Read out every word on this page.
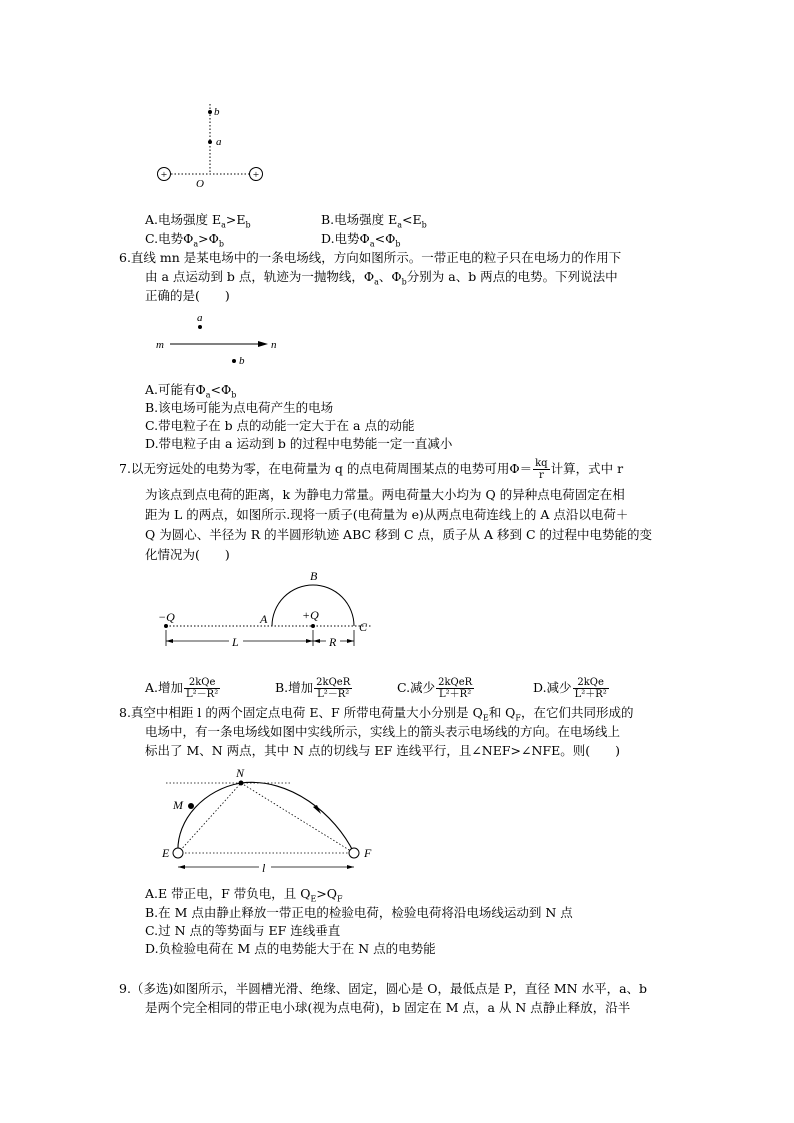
+	+
b
a
O
A.电场强度 $E_a>E_b$	B.电场强度 $E_a<E_b$
C.电势$\Phi_a>\Phi_b$	D.电势$\Phi_a<\Phi_b$
6.直线 mn 是某电场中的一条电场线，方向如图所示。一带正电的粒子只在电场力的作用下
由 a 点运动到 b 点，轨迹为一抛物线，$\Phi_a$、$\Phi_b$分别为 a、b 两点的电势。下列说法中
正确的是(　　)
a
b
m	n
A.可能有$\Phi_a<\Phi_b$
B.该电场可能为点电荷产生的电场
C.带电粒子在 b 点的动能一定大于在 a 点的动能
D.带电粒子由 a 运动到 b 的过程中电势能一定一直减小
7.以无穷远处的电势为零，在电荷量为 q 的点电荷周围某点的电势可用$\Phi= \frac{kq}{r}$ 计算，式中 r
为该点到点电荷的距离，k 为静电力常量。两电荷量大小均为 Q 的异种点电荷固定在相
距为 L 的两点，如图所示.现将一质子(电荷量为 e)从两点电荷连线上的 A 点沿以电荷＋
Q 为圆心、半径为 R 的半圆形轨迹 ABC 移到 C 点，质子从 A 移到 C 的过程中电势能的变
化情况为(　　)
−Q	+Q
A
B
C
L	R
A.增加 $\frac{\text{2kQe}}{\text{L²－R²}}$	B.增加 $\frac{\text{2kQeR}}{\text{L²－R²}}$	C.减少 $\frac{\text{2kQeR}}{\text{L²＋R²}}$	D.减少 $\frac{\text{2kQe}}{\text{L²＋R²}}$
8.真空中相距 l 的两个固定点电荷 E、F 所带电荷量大小分别是 $Q_E$和 $Q_F$，在它们共同形成的
电场中，有一条电场线如图中实线所示，实线上的箭头表示电场线的方向。在电场线上
标出了 M、N 两点，其中 N 点的切线与 EF 连线平行，且∠NEF>∠NFE。则(　　)
l
N
M
E	F
A.E 带正电，F 带负电，且 $Q_E>Q_F$
B.在 M 点由静止释放一带正电的检验电荷，检验电荷将沿电场线运动到 N 点
C.过 N 点的等势面与 EF 连线垂直
D.负检验电荷在 M 点的电势能大于在 N 点的电势能
9.（多选)如图所示，半圆槽光滑、绝缘、固定，圆心是 O，最低点是 P，直径 MN 水平，a、b
是两个完全相同的带正电小球(视为点电荷)，b 固定在 M 点，a 从 N 点静止释放，沿半
